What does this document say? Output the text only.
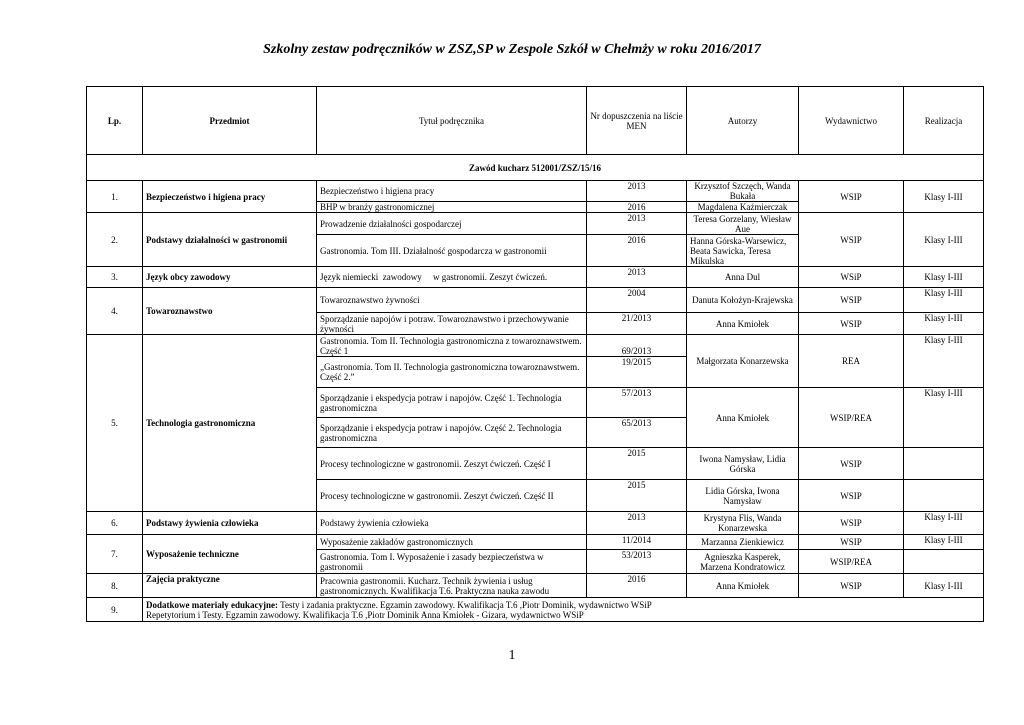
Szkolny zestaw podręczników w ZSZ,SP w Zespole Szkół w Chełmży w roku 2016/2017
Lp.	Przedmiot	Tytuł podręcznika	Nr dopuszczenia na liście MEN	Autorzy	Wydawnictwo	Realizacja
Zawód kucharz 512001/ZSZ/15/16						
1.	Bezpieczeństwo i higiena pracy	Bezpieczeństwo i higiena pracy	2013	Krzysztof Szczęch, Wanda Bukała	WSIP	Klasy I-III
		BHP w branży gastronomicznej	2016	Magdalena Kaźmierczak		
2.	Podstawy działalności w gastronomii	Prowadzenie działalności gospodarczej	2013	Teresa Gorzelany, Wiesław Aue	WSIP	Klasy I-III
		Gastronomia. Tom III. Działalność gospodarcza w gastronomii	2016	Hanna Górska-Warsewicz, Beata Sawicka, Teresa Mikulska		
3.	Język obcy zawodowy	Język niemiecki  zawodowy     w gastronomii. Zeszyt ćwiczeń.	2013	Anna Dul	WSiP	Klasy I-III
4.	Towaroznawstwo	Towaroznawstwo żywności	2004	Danuta Kołożyn-Krajewska	WSIP	Klasy I-III
		Sporządzanie napojów i potraw. Towaroznawstwo i przechowywanie żywności	21/2013	Anna Kmiołek	WSIP	Klasy I-III
5.	Technologia gastronomiczna	Gastronomia. Tom II. Technologia gastronomiczna z towaroznawstwem. Część 1	69/2013	Małgorzata Konarzewska	REA	Klasy I-III
		„Gastronomia. Tom II. Technologia gastronomiczna towaroznawstwem. Część 2.”	19/2015			
		Sporządzanie i ekspedycja potraw i napojów. Część 1. Technologia gastronomiczna	57/2013	Anna Kmiołek	WSIP/REA	Klasy I-III
		Sporządzanie i ekspedycja potraw i napojów. Część 2. Technologia gastronomiczna	65/2013			
		Procesy technologiczne w gastronomii. Zeszyt ćwiczeń. Część I	2015	Iwona Namysław, Lidia Górska	WSIP	
		Procesy technologiczne w gastronomii. Zeszyt ćwiczeń. Część II	2015	Lidia Górska, Iwona Namysław	WSIP	
6.	Podstawy żywienia człowieka	Podstawy żywienia człowieka	2013	Krystyna Flis, Wanda Konarzewska	WSIP	Klasy I-III
7.	Wyposażenie techniczne	Wyposażenie zakładów gastronomicznych	11/2014	Marzanna Zienkiewicz	WSIP	Klasy I-III
		Gastronomia. Tom I. Wyposażenie i zasady bezpieczeństwa w gastronomii	53/2013	Agnieszka Kasperek, Marzena Kondratowicz	WSIP/REA	
8.	Zajęcia praktyczne	Pracownia gastronomii. Kucharz. Technik żywienia i usług gastronomicznych. Kwalifikacja T.6. Praktyczna nauka zawodu	2016	Anna Kmiołek	WSIP	Klasy I-III
9.	Dodatkowe materiały edukacyjne: Testy i zadania praktyczne. Egzamin zawodowy. Kwalifikacja T.6 ,Piotr Dominik, wydawnictwo WSiP
Repetytorium i Testy. Egzamin zawodowy. Kwalifikacja T.6 ,Piotr Dominik Anna Kmiołek - Gizara, wydawnictwo WSiP					
1
